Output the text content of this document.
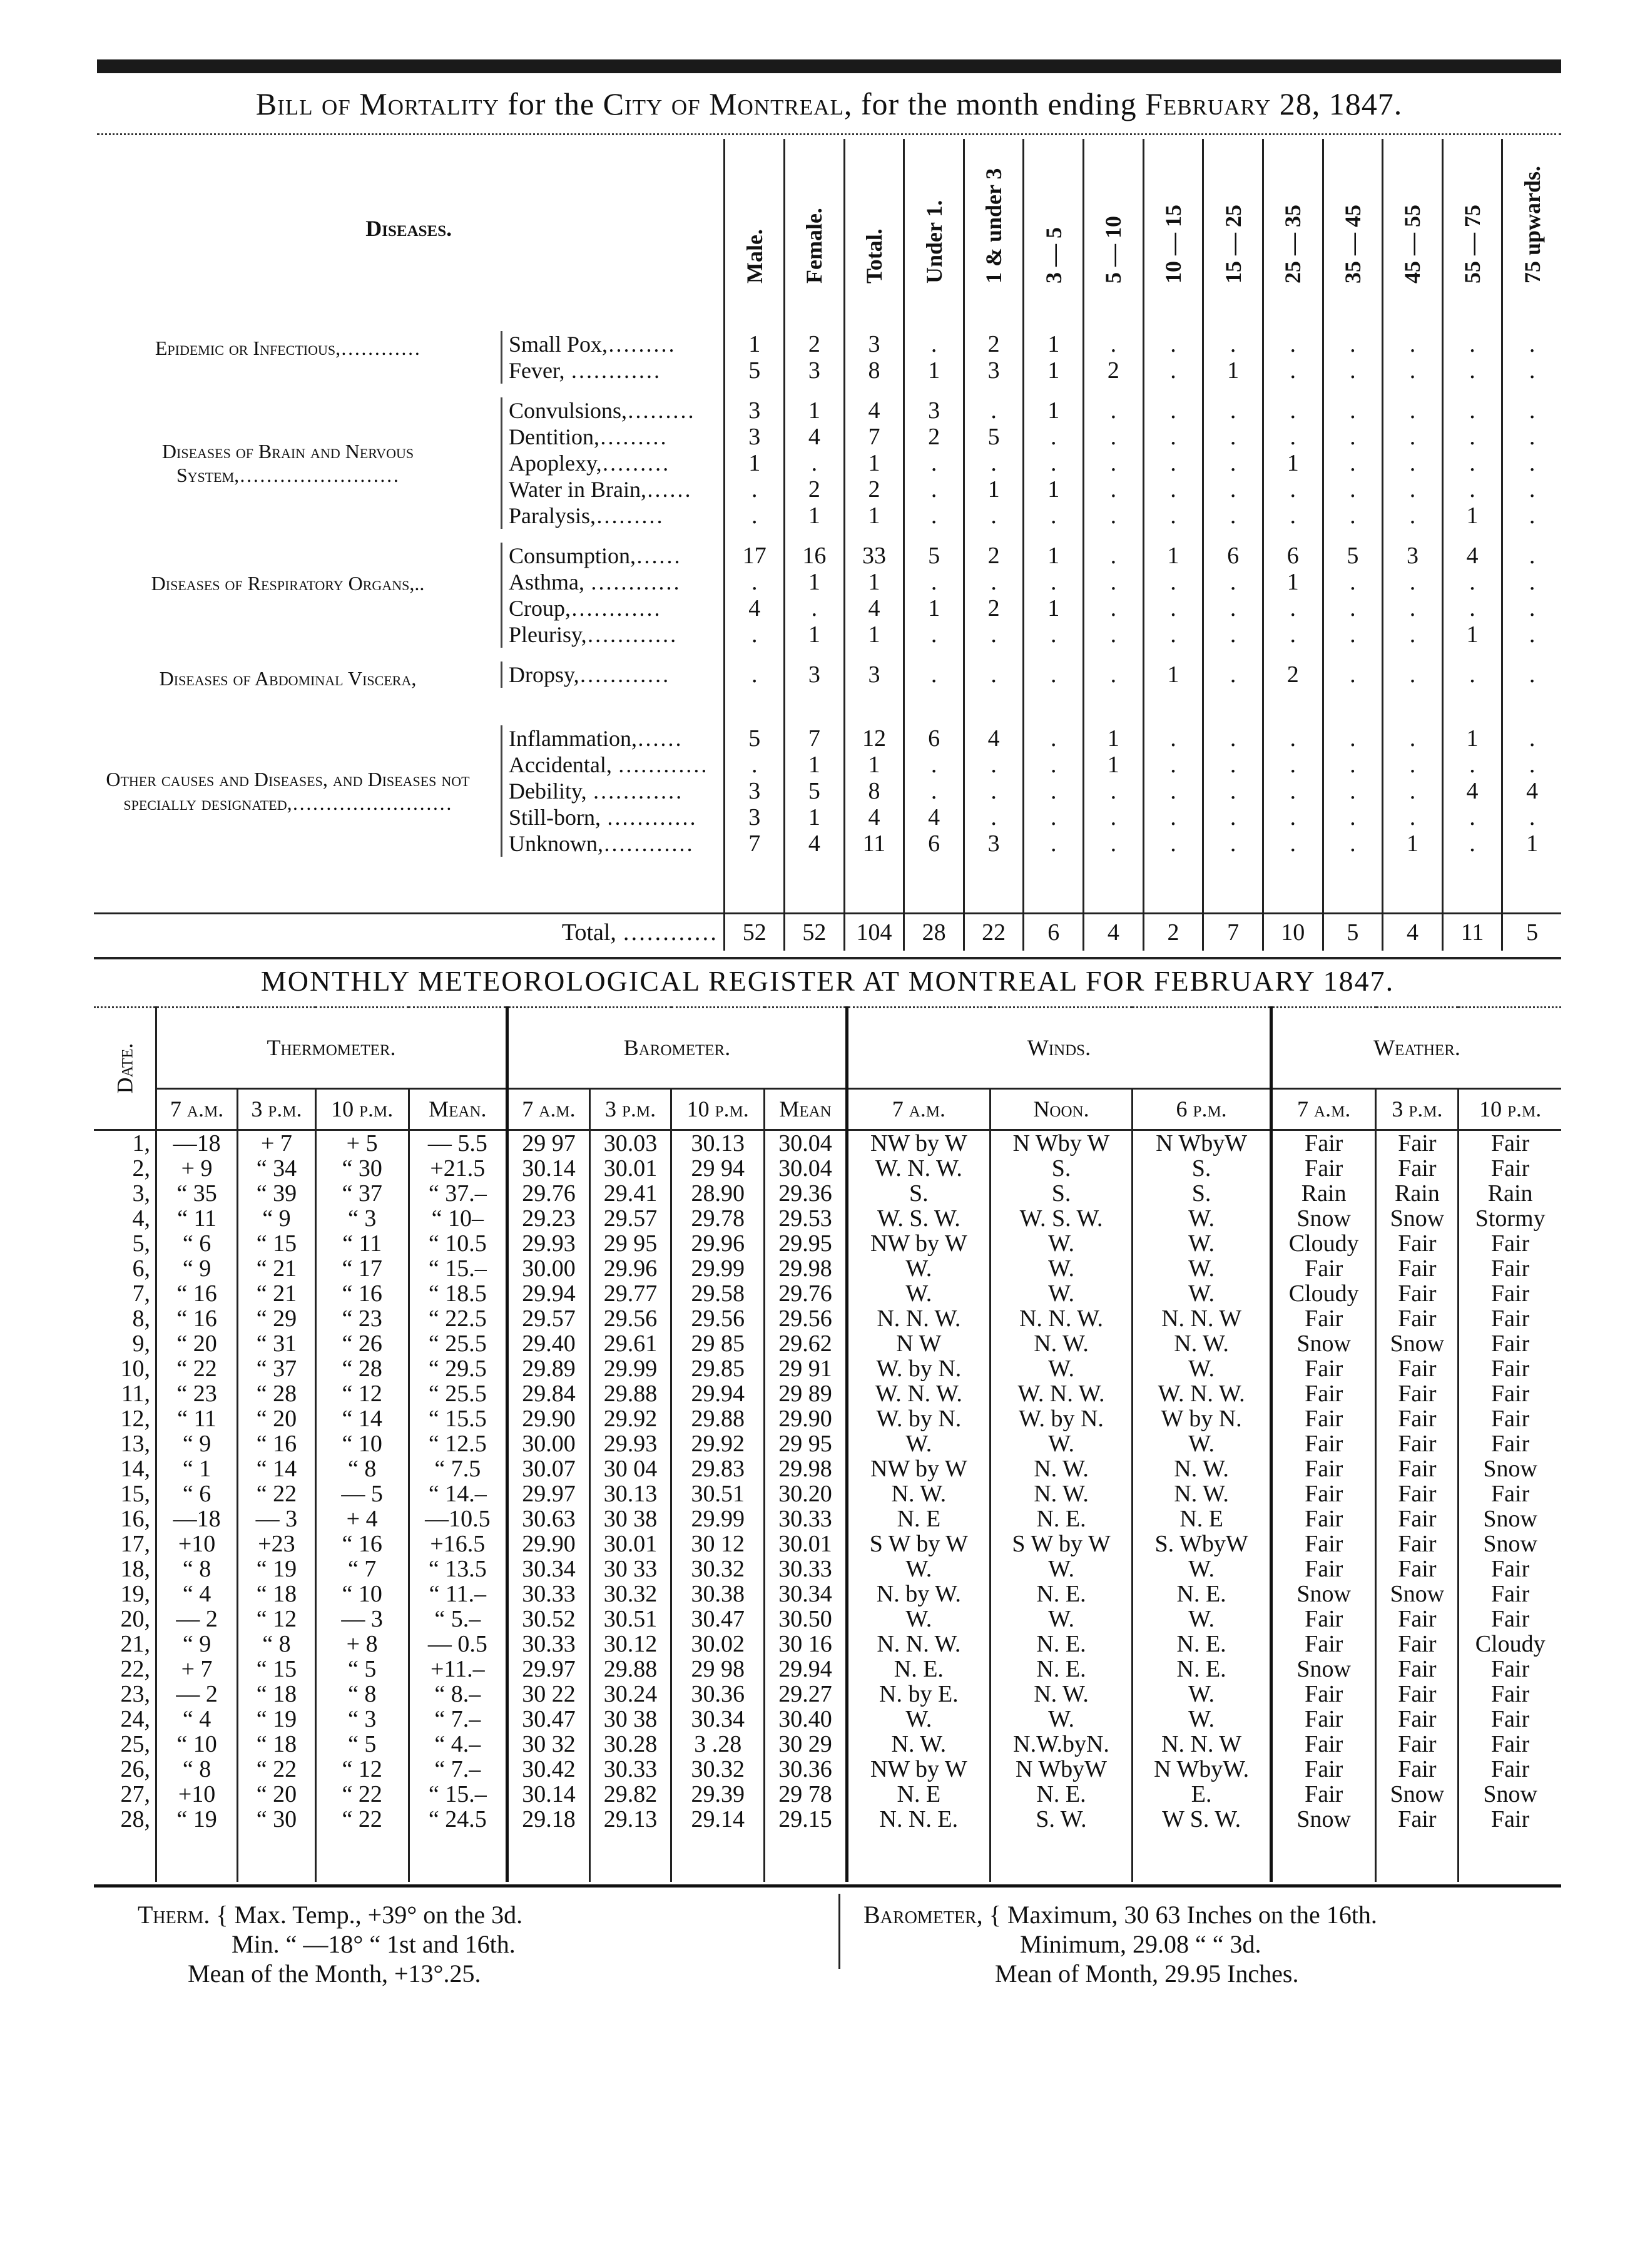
Bill of Mortality for the City of Montreal, for the month ending February 28, 1847.
Diseases.	Male.	Female.	Total.	Under 1.	1 & under 3	3 — 5	5 — 10	10 — 15	15 — 25	25 — 35	35 — 45	45 — 55	55 — 75	75 upwards.

Epidemic or Infectious,………… Small Pox,………	1	2	3	.	2	1	.	.	.	.	.	.	.	.

Fever, …………	5	3	8	1	3	1	2	.	1	.	.	.	.	.

Diseases of Brain and Nervous System,……………………
Convulsions,………	3	1	4	3	.	1	.	.	.	.	.	.	.	.

Dentition,………	3	4	7	2	5	.	.	.	.	.	.	.	.	.

Apoplexy,………	1	.	1	.	.	.	.	.	.	1	.	.	.	.

Water in Brain,……	.	2	2	.	1	1	.	.	.	.	.	.	.	.

Paralysis,………	.	1	1	.	.	.	.	.	.	.	.	.	1	.

Diseases of Respiratory Organs,..
Consumption,……	17	16	33	5	2	1	.	1	6	6	5	3	4	.

Asthma, …………	.	1	1	.	.	.	.	.	.	1	.	.	.	.

Croup,…………	4	.	4	1	2	1	.	.	.	.	.	.	.	.

Pleurisy,…………	.	1	1	.	.	.	.	.	.	.	.	.	1	.

Diseases of Abdominal Viscera, Dropsy,…………	.	3	3	.	.	.	.	1	.	2	.	.	.	.

Other causes and Diseases, and Diseases not specially designated,……………………
Inflammation,……	5	7	12	6	4	.	1	.	.	.	.	.	1	.

Accidental, …………	.	1	1	.	.	.	1	.	.	.	.	.	.	.

Debility, …………	3	5	8	.	.	.	.	.	.	.	.	.	4	4

Still-born, …………	3	1	4	4	.	.	.	.	.	.	.	.	.	.

Unknown,…………	7	4	11	6	3	.	.	.	.	.	.	1	.	1

Total, …………	52	52	104	28	22	6	4	2	7	10	5	4	11	5
MONTHLY METEOROLOGICAL REGISTER AT MONTREAL FOR FEBRUARY 1847.
Date.	Thermometer.				Barometer.				Winds.			Weather.		
	7 a.m.	3 p.m.	10 p.m.	Mean.	7 a.m.	3 p.m.	10 p.m.	Mean	7 a.m.	Noon.	6 p.m.	7 a.m.	3 p.m.	10 p.m.
1,	—18	+ 7	+ 5	— 5.5	29 97	30.03	30.13	30.04	NW by W	N Wby W	N WbyW	Fair	Fair	Fair
2,	+ 9	“ 34	“ 30	+21.5	30.14	30.01	29 94	30.04	W. N. W.	S.	S.	Fair	Fair	Fair
3,	“ 35	“ 39	“ 37	“ 37.–	29.76	29.41	28.90	29.36	S.	S.	S.	Rain	Rain	Rain
4,	“ 11	“ 9	“ 3	“ 10–	29.23	29.57	29.78	29.53	W. S. W.	W. S. W.	W.	Snow	Snow	Stormy
5,	“ 6	“ 15	“ 11	“ 10.5	29.93	29 95	29.96	29.95	NW by W	W.	W.	Cloudy	Fair	Fair
6,	“ 9	“ 21	“ 17	“ 15.–	30.00	29.96	29.99	29.98	W.	W.	W.	Fair	Fair	Fair
7,	“ 16	“ 21	“ 16	“ 18.5	29.94	29.77	29.58	29.76	W.	W.	W.	Cloudy	Fair	Fair
8,	“ 16	“ 29	“ 23	“ 22.5	29.57	29.56	29.56	29.56	N. N. W.	N. N. W.	N. N. W	Fair	Fair	Fair
9,	“ 20	“ 31	“ 26	“ 25.5	29.40	29.61	29 85	29.62	N W	N. W.	N. W.	Snow	Snow	Fair
10,	“ 22	“ 37	“ 28	“ 29.5	29.89	29.99	29.85	29 91	W. by N.	W.	W.	Fair	Fair	Fair
11,	“ 23	“ 28	“ 12	“ 25.5	29.84	29.88	29.94	29 89	W. N. W.	W. N. W.	W. N. W.	Fair	Fair	Fair
12,	“ 11	“ 20	“ 14	“ 15.5	29.90	29.92	29.88	29.90	W. by N.	W. by N.	W by N.	Fair	Fair	Fair
13,	“ 9	“ 16	“ 10	“ 12.5	30.00	29.93	29.92	29 95	W.	W.	W.	Fair	Fair	Fair
14,	“ 1	“ 14	“ 8	“ 7.5	30.07	30 04	29.83	29.98	NW by W	N. W.	N. W.	Fair	Fair	Snow
15,	“ 6	“ 22	— 5	“ 14.–	29.97	30.13	30.51	30.20	N. W.	N. W.	N. W.	Fair	Fair	Fair
16,	—18	— 3	+ 4	—10.5	30.63	30 38	29.99	30.33	N. E	N. E.	N. E	Fair	Fair	Snow
17,	+10	+23	“ 16	+16.5	29.90	30.01	30 12	30.01	S W by W	S W by W	S. WbyW	Fair	Fair	Snow
18,	“ 8	“ 19	“ 7	“ 13.5	30.34	30 33	30.32	30.33	W.	W.	W.	Fair	Fair	Fair
19,	“ 4	“ 18	“ 10	“ 11.–	30.33	30.32	30.38	30.34	N. by W.	N. E.	N. E.	Snow	Snow	Fair
20,	— 2	“ 12	— 3	“ 5.–	30.52	30.51	30.47	30.50	W.	W.	W.	Fair	Fair	Fair
21,	“ 9	“ 8	+ 8	— 0.5	30.33	30.12	30.02	30 16	N. N. W.	N. E.	N. E.	Fair	Fair	Cloudy
22,	+ 7	“ 15	“ 5	+11.–	29.97	29.88	29 98	29.94	N. E.	N. E.	N. E.	Snow	Fair	Fair
23,	— 2	“ 18	“ 8	“ 8.–	30 22	30.24	30.36	29.27	N. by E.	N. W.	W.	Fair	Fair	Fair
24,	“ 4	“ 19	“ 3	“ 7.–	30.47	30 38	30.34	30.40	W.	W.	W.	Fair	Fair	Fair
25,	“ 10	“ 18	“ 5	“ 4.–	30 32	30.28	3 .28	30 29	N. W.	N.W.byN.	N. N. W	Fair	Fair	Fair
26,	“ 8	“ 22	“ 12	“ 7.–	30.42	30.33	30.32	30.36	NW by W	N WbyW	N WbyW.	Fair	Fair	Fair
27,	+10	“ 20	“ 22	“ 15.–	30.14	29.82	29.39	29 78	N. E	N. E.	E.	Fair	Snow	Snow
28,	“ 19	“ 30	“ 22	“ 24.5	29.18	29.13	29.14	29.15	N. N. E.	S. W.	W S. W.	Snow	Fair	Fair

Therm. { Max. Temp., +39° on the 3d.
Min. “ —18° “ 1st and 16th.
Mean of the Month, +13°.25.
Barometer, { Maximum, 30 63 Inches on the 16th.
Minimum, 29.08 “ “ 3d.
Mean of Month, 29.95 Inches.
